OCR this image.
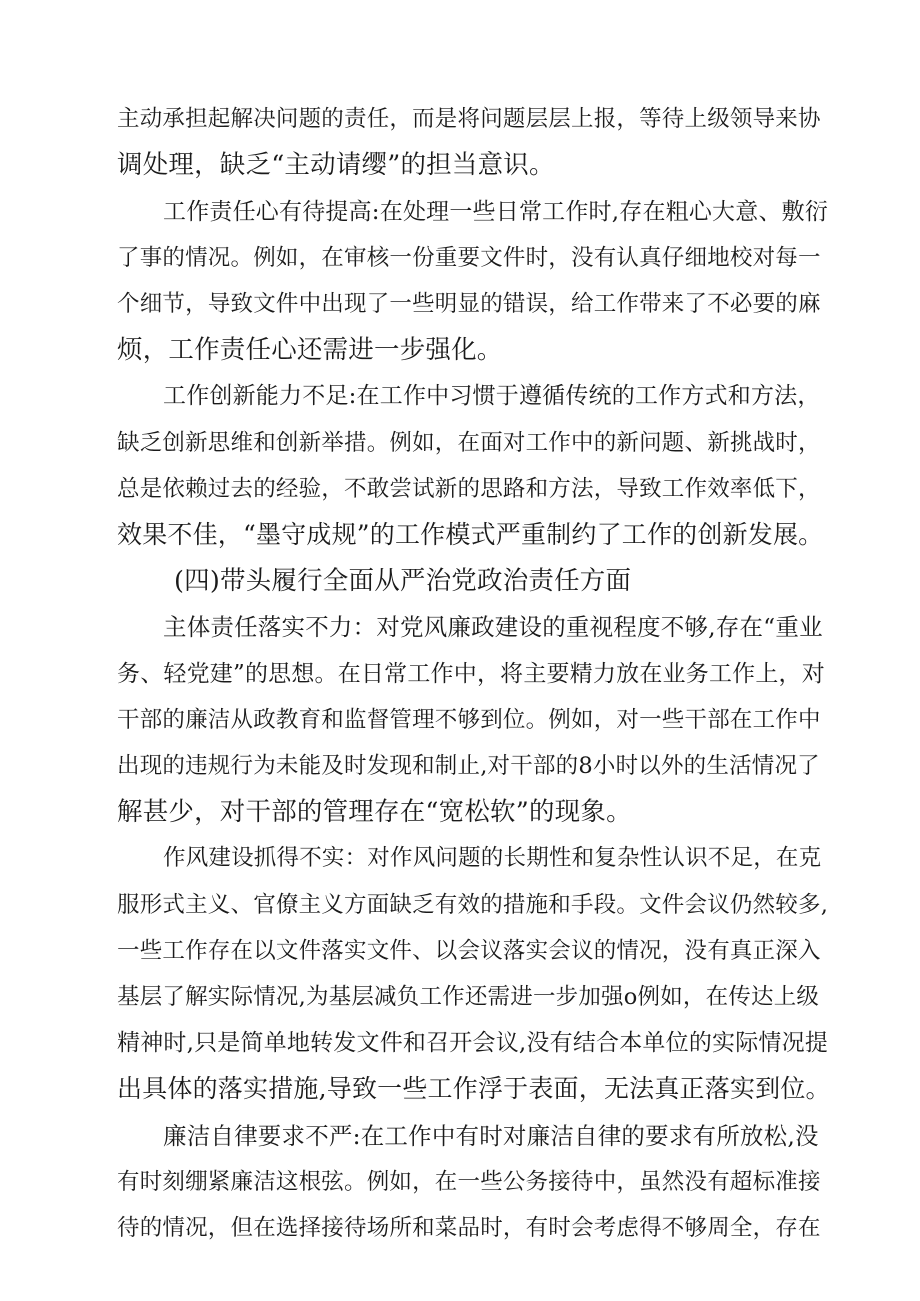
主动承担起解决问题的责任，而是将问题层层上报，等待上级领导来协
调处理，缺乏“主动请缨”的担当意识。
工作责任心有待提高:在处理一些日常工作时,存在粗心大意、敷衍
了事的情况。例如，在审核一份重要文件时，没有认真仔细地校对每一
个细节，导致文件中出现了一些明显的错误，给工作带来了不必要的麻
烦，工作责任心还需进一步强化。
工作创新能力不足:在工作中习惯于遵循传统的工作方式和方法，
缺乏创新思维和创新举措。例如，在面对工作中的新问题、新挑战时，
总是依赖过去的经验，不敢尝试新的思路和方法，导致工作效率低下，
效果不佳，“墨守成规”的工作模式严重制约了工作的创新发展。
(四)带头履行全面从严治党政治责任方面
主体责任落实不力：对党风廉政建设的重视程度不够,存在“重业
务、轻党建”的思想。在日常工作中，将主要精力放在业务工作上，对
干部的廉洁从政教育和监督管理不够到位。例如，对一些干部在工作中
出现的违规行为未能及时发现和制止,对干部的8小时以外的生活情况了
解甚少，对干部的管理存在“宽松软”的现象。
作风建设抓得不实：对作风问题的长期性和复杂性认识不足，在克
服形式主义、官僚主义方面缺乏有效的措施和手段。文件会议仍然较多,
一些工作存在以文件落实文件、以会议落实会议的情况，没有真正深入
基层了解实际情况,为基层减负工作还需进一步加强o例如，在传达上级
精神时,只是简单地转发文件和召开会议,没有结合本单位的实际情况提
出具体的落实措施,导致一些工作浮于表面，无法真正落实到位。
廉洁自律要求不严:在工作中有时对廉洁自律的要求有所放松,没
有时刻绷紧廉洁这根弦。例如，在一些公务接待中，虽然没有超标准接
待的情况，但在选择接待场所和菜品时，有时会考虑得不够周全，存在
